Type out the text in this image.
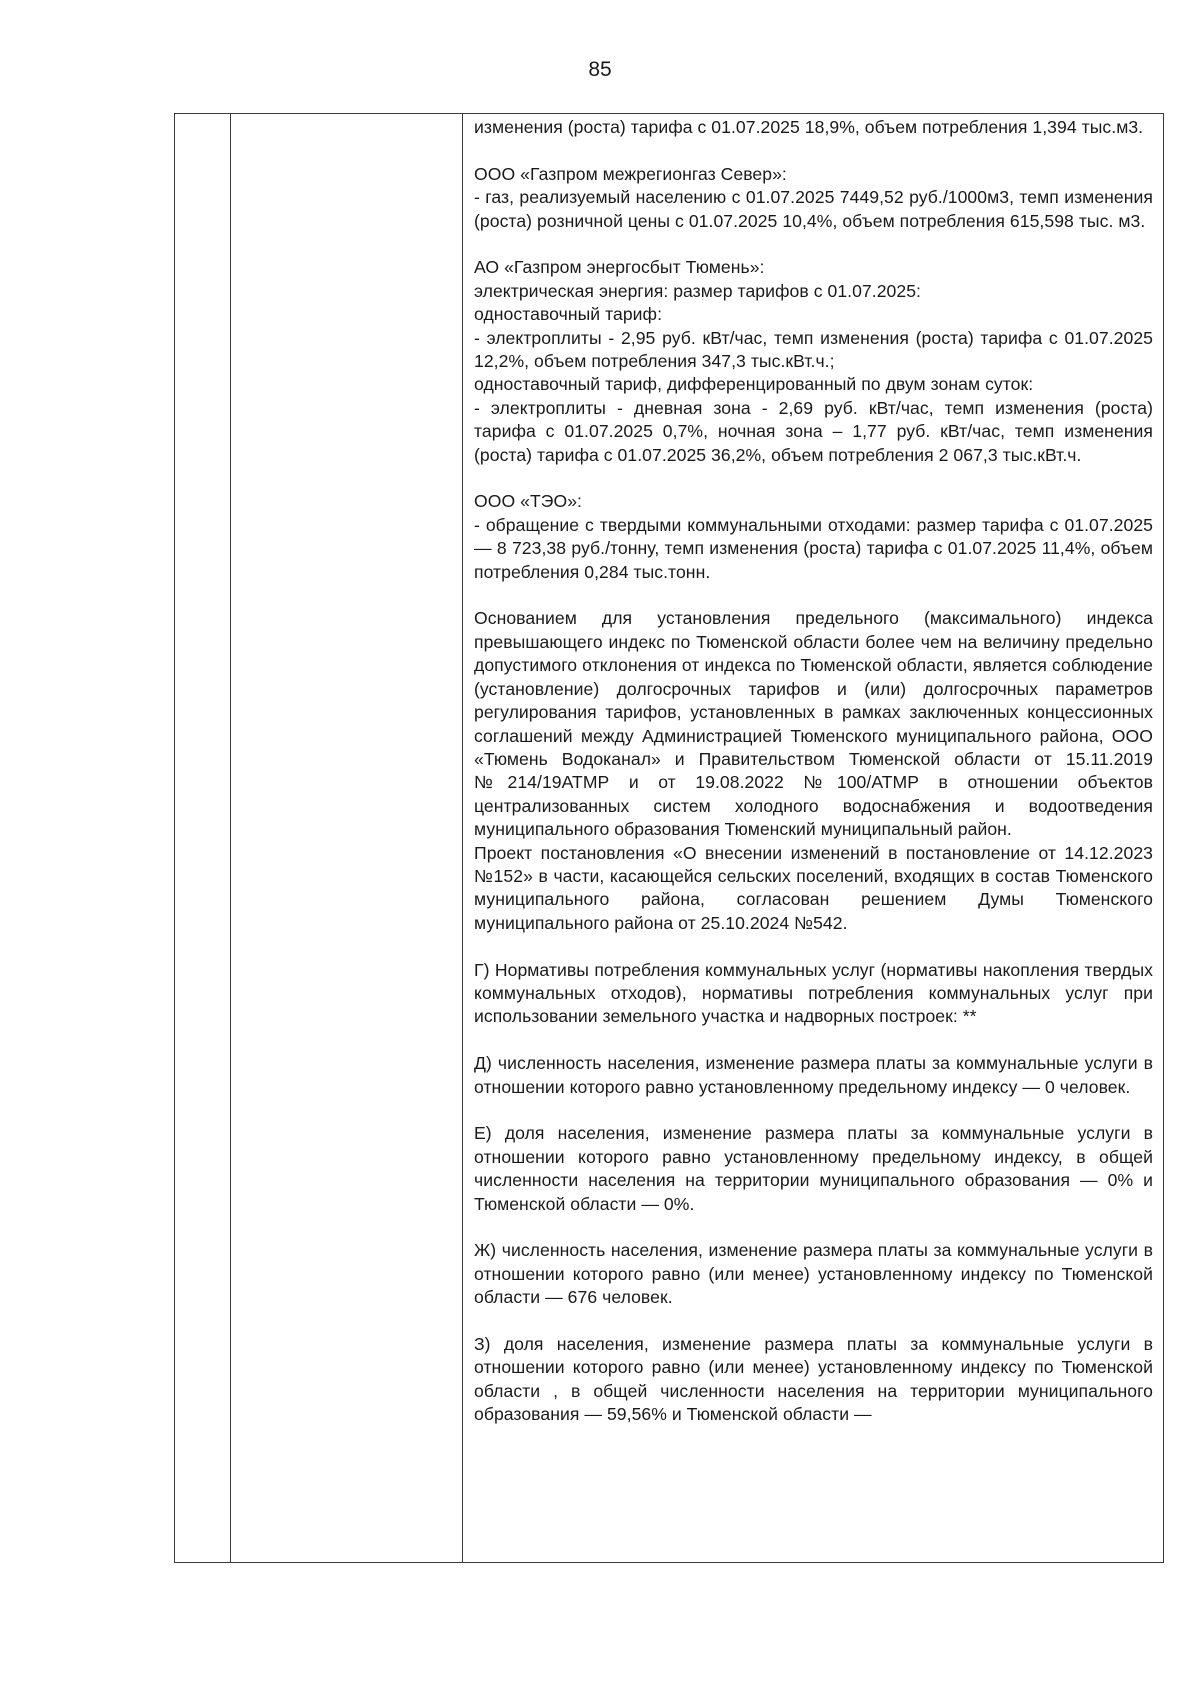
85

изменения (роста) тарифа с 01.07.2025 18,9%, объем потребления 1,394 тыс.м3.

ООО «Газпром межрегионгаз Север»:

- газ, реализуемый населению с 01.07.2025 7449,52 руб./1000м3, темп изменения (роста) розничной цены с 01.07.2025 10,4%, объем потребления 615,598 тыс. м3.

АО «Газпром энергосбыт Тюмень»:

электрическая энергия: размер тарифов с 01.07.2025:

одноставочный тариф:

- электроплиты - 2,95 руб. кВт/час, темп изменения (роста) тарифа с 01.07.2025 12,2%, объем потребления 347,3 тыс.кВт.ч.;

одноставочный тариф, дифференцированный по двум зонам суток:

- электроплиты - дневная зона - 2,69 руб. кВт/час, темп изменения (роста) тарифа с 01.07.2025 0,7%, ночная зона – 1,77 руб. кВт/час, темп изменения (роста) тарифа с 01.07.2025 36,2%, объем потребления 2 067,3 тыс.кВт.ч.

ООО «ТЭО»:

- обращение с твердыми коммунальными отходами: размер тарифа с 01.07.2025 — 8 723,38 руб./тонну, темп изменения (роста) тарифа с 01.07.2025 11,4%, объем потребления 0,284 тыс.тонн.

Основанием для установления предельного (максимального) индекса превышающего индекс по Тюменской области более чем на величину предельно допустимого отклонения от индекса по Тюменской области, является соблюдение (установление) долгосрочных тарифов и (или) долгосрочных параметров регулирования тарифов, установленных в рамках заключенных концессионных соглашений между Администрацией Тюменского муниципального района, ООО «Тюмень Водоканал» и Правительством Тюменской области от 15.11.2019 №214/19АТМР и от 19.08.2022 №100/АТМР в отношении объектов централизованных систем холодного водоснабжения и водоотведения муниципального образования Тюменский муниципальный район.

Проект постановления «О внесении изменений в постановление от 14.12.2023 №152» в части, касающейся сельских поселений, входящих в состав Тюменского муниципального района, согласован решением Думы Тюменского муниципального района от 25.10.2024 №542.

Г) Нормативы потребления коммунальных услуг (нормативы накопления твердых коммунальных отходов), нормативы потребления коммунальных услуг при использовании земельного участка и надворных построек: **

Д) численность населения, изменение размера платы за коммунальные услуги в отношении которого равно установленному предельному индексу — 0 человек.

Е) доля населения, изменение размера платы за коммунальные услуги в отношении которого равно установленному предельному индексу, в общей численности населения на территории муниципального образования — 0% и Тюменской области — 0%.

Ж) численность населения, изменение размера платы за коммунальные услуги в отношении которого равно (или менее) установленному индексу по Тюменской области — 676 человек.

З) доля населения, изменение размера платы за коммунальные услуги в отношении которого равно (или менее) установленному индексу по Тюменской области , в общей численности населения на территории муниципального образования — 59,56% и Тюменской области —
